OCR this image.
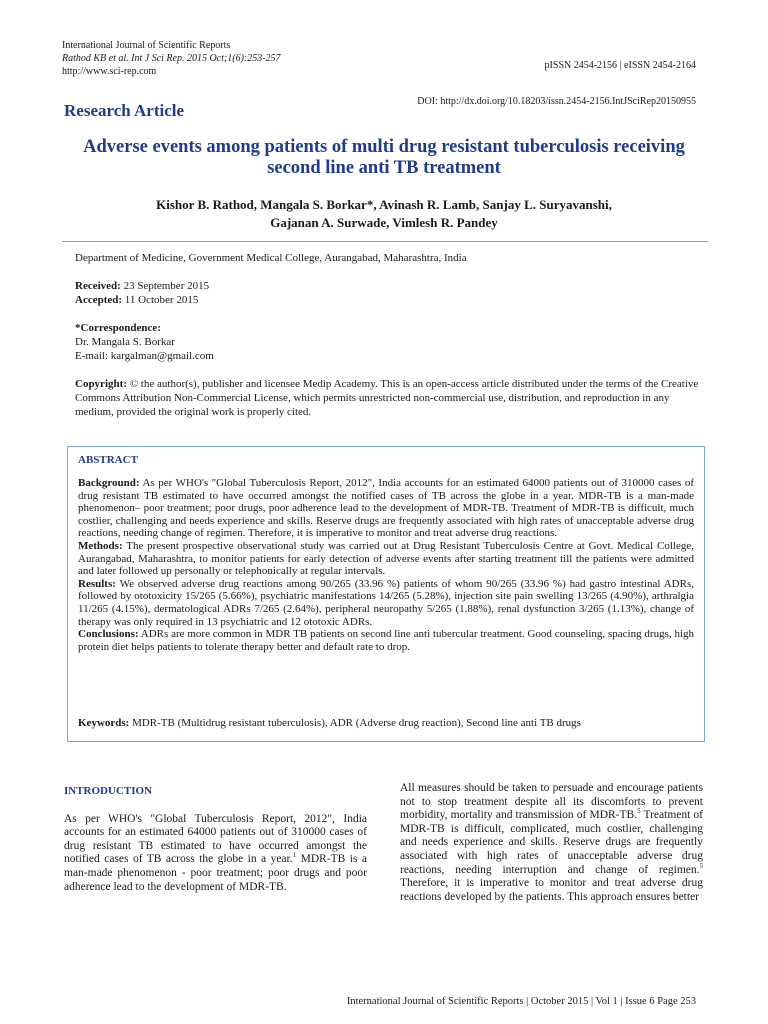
International Journal of Scientific Reports
Rathod KB et al. Int J Sci Rep. 2015 Oct;1(6):253-257
http://www.sci-rep.com
pISSN 2454-2156 | eISSN 2454-2164
Research Article	DOI: http://dx.doi.org/10.18203/issn.2454-2156.IntJSciRep20150955
Adverse events among patients of multi drug resistant tuberculosis receiving second line anti TB treatment
Kishor B. Rathod, Mangala S. Borkar*, Avinash R. Lamb, Sanjay L. Suryavanshi,
Gajanan A. Surwade, Vimlesh R. Pandey
Department of Medicine, Government Medical College, Aurangabad, Maharashtra, India
Received: 23 September 2015
Accepted: 11 October 2015
*Correspondence:
Dr. Mangala S. Borkar
E-mail: kargalman@gmail.com
Copyright: © the author(s), publisher and licensee Medip Academy. This is an open-access article distributed under the terms of the Creative Commons Attribution Non-Commercial License, which permits unrestricted non-commercial use, distribution, and reproduction in any medium, provided the original work is properly cited.
ABSTRACT

Background: As per WHO's "Global Tuberculosis Report, 2012", India accounts for an estimated 64000 patients out of 310000 cases of drug resistant TB estimated to have occurred amongst the notified cases of TB across the globe in a year. MDR-TB is a man-made phenomenon– poor treatment; poor drugs, poor adherence lead to the development of MDR-TB. Treatment of MDR-TB is difficult, much costlier, challenging and needs experience and skills. Reserve drugs are frequently associated with high rates of unacceptable adverse drug reactions, needing change of regimen. Therefore, it is imperative to monitor and treat adverse drug reactions.

Methods: The present prospective observational study was carried out at Drug Resistant Tuberculosis Centre at Govt. Medical College, Aurangabad, Maharashtra, to monitor patients for early detection of adverse events after starting treatment till the patients were admitted and later followed up personally or telephonically at regular intervals.

Results: We observed adverse drug reactions among 90/265 (33.96 %) patients of whom 90/265 (33.96 %) had gastro intestinal ADRs, followed by ototoxicity 15/265 (5.66%), psychiatric manifestations 14/265 (5.28%), injection site pain swelling 13/265 (4.90%), arthralgia 11/265 (4.15%), dermatological ADRs 7/265 (2.64%), peripheral neuropathy 5/265 (1.88%), renal dysfunction 3/265 (1.13%), change of therapy was only required in 13 psychiatric and 12 ototoxic ADRs.

Conclusions: ADRs are more common in MDR TB patients on second line anti tubercular treatment. Good counseling, spacing drugs, high protein diet helps patients to tolerate therapy better and default rate to drop.

Keywords: MDR-TB (Multidrug resistant tuberculosis), ADR (Adverse drug reaction), Second line anti TB drugs
INTRODUCTION

As per WHO's "Global Tuberculosis Report, 2012", India accounts for an estimated 64000 patients out of 310000 cases of drug resistant TB estimated to have occurred amongst the notified cases of TB across the globe in a year.$^1$ MDR-TB is a man-made phenomenon - poor treatment; poor drugs and poor adherence lead to the development of MDR-TB.

All measures should be taken to persuade and encourage patients not to stop treatment despite all its discomforts to prevent morbidity, mortality and transmission of MDR-TB.$^5$ Treatment of MDR-TB is difficult, complicated, much costlier, challenging and needs experience and skills. Reserve drugs are frequently associated with high rates of unacceptable adverse drug reactions, needing interruption and change of regimen.$^5$ Therefore, it is imperative to monitor and treat adverse drug reactions developed by the patients. This approach ensures better

International Journal of Scientific Reports | October 2015 | Vol 1 | Issue 6 Page 253
